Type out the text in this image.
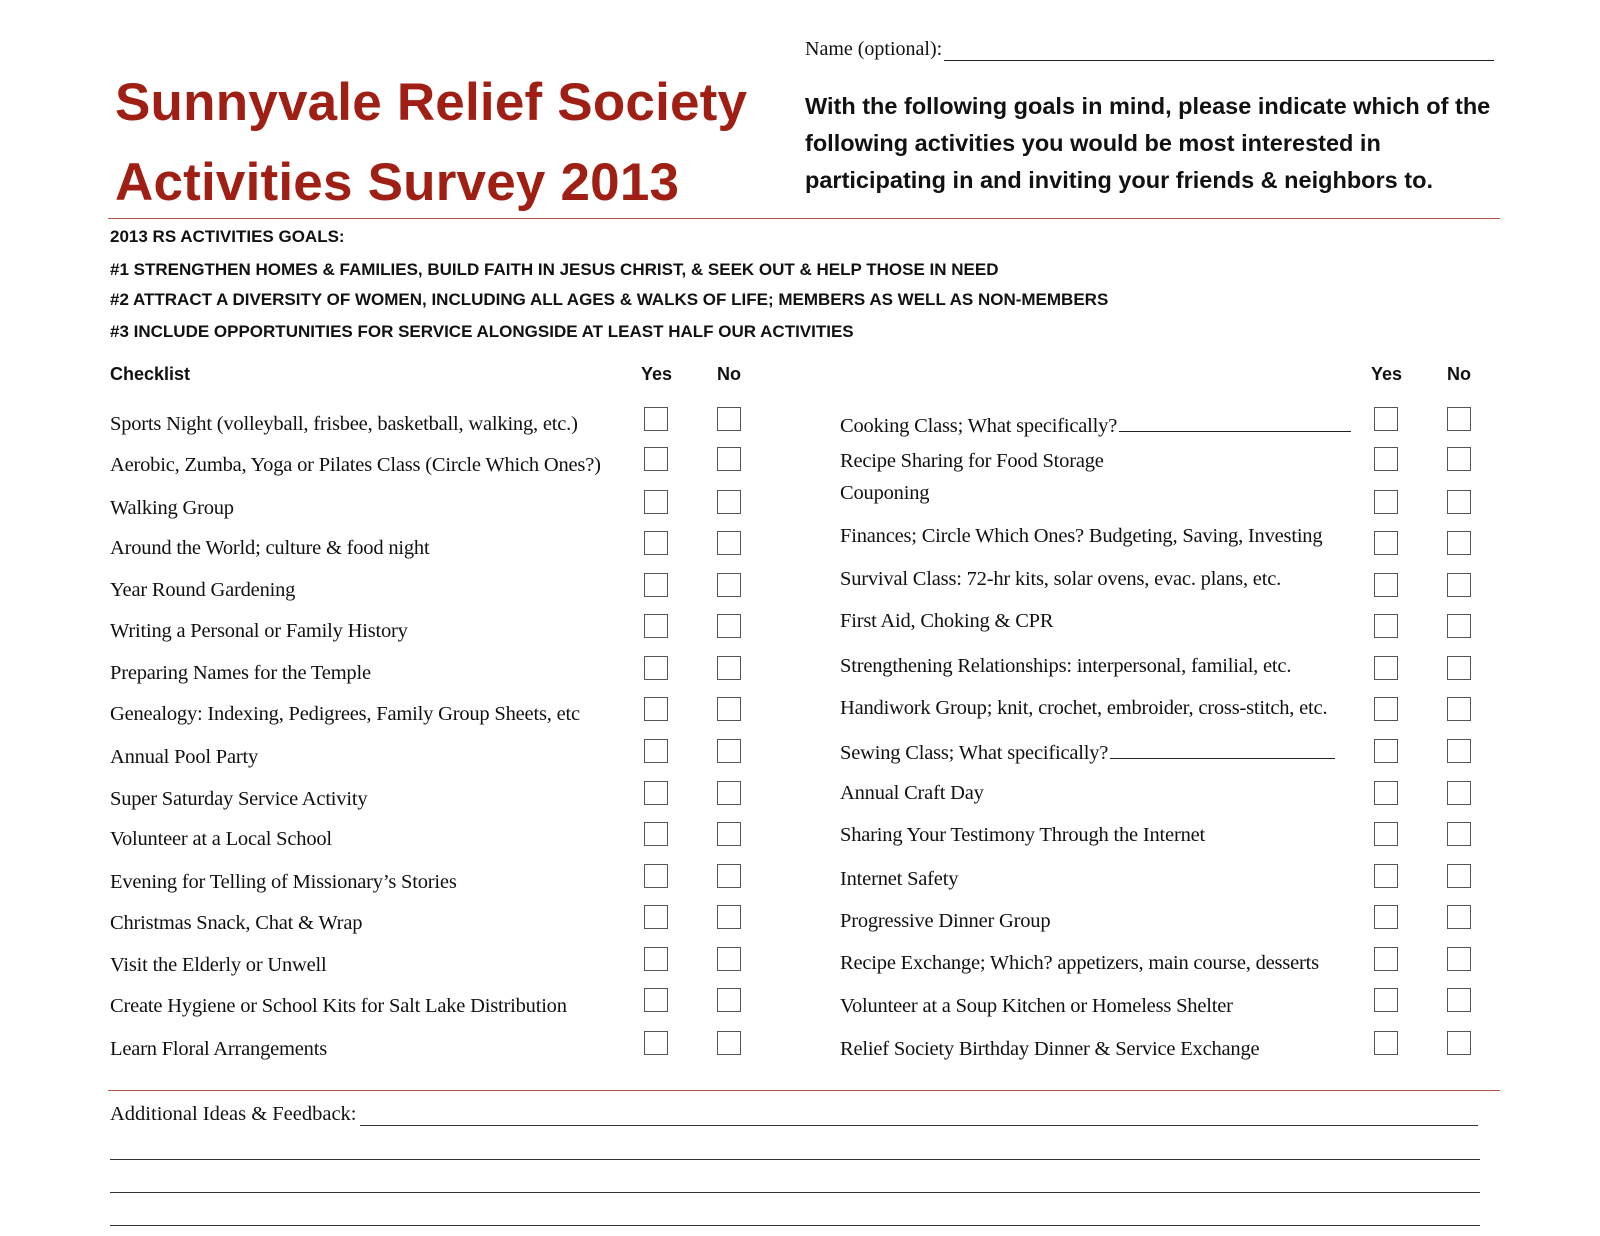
Name (optional):
Sunnyvale Relief Society
Activities Survey 2013
With the following goals in mind, please indicate which of the following activities you would be most interested in participating in and inviting your friends & neighbors to.
2013 RS ACTIVITIES GOALS:
#1 STRENGTHEN HOMES & FAMILIES, BUILD FAITH IN JESUS CHRIST, & SEEK OUT & HELP THOSE IN NEED
#2 ATTRACT A DIVERSITY OF WOMEN, INCLUDING ALL AGES & WALKS OF LIFE; MEMBERS AS WELL AS NON-MEMBERS
#3 INCLUDE OPPORTUNITIES FOR SERVICE ALONGSIDE AT LEAST HALF OUR ACTIVITIES
Checklist	Yes No	Yes No
Sports Night (volleyball, frisbee, basketball, walking, etc.)
Aerobic, Zumba, Yoga or Pilates Class (Circle Which Ones?)
Walking Group
Around the World; culture & food night
Year Round Gardening
Writing a Personal or Family History
Preparing Names for the Temple
Genealogy: Indexing, Pedigrees, Family Group Sheets, etc
Annual Pool Party
Super Saturday Service Activity
Volunteer at a Local School
Evening for Telling of Missionary’s Stories
Christmas Snack, Chat & Wrap
Visit the Elderly or Unwell
Create Hygiene or School Kits for Salt Lake Distribution
Learn Floral Arrangements
Cooking Class; What specifically?
Recipe Sharing for Food Storage
Couponing
Finances; Circle Which Ones? Budgeting, Saving, Investing
Survival Class: 72-hr kits, solar ovens, evac. plans, etc.
First Aid, Choking & CPR
Strengthening Relationships: interpersonal, familial, etc.
Handiwork Group; knit, crochet, embroider, cross-stitch, etc.
Sewing Class; What specifically?
Annual Craft Day
Sharing Your Testimony Through the Internet
Internet Safety
Progressive Dinner Group
Recipe Exchange; Which? appetizers, main course, desserts
Volunteer at a Soup Kitchen or Homeless Shelter
Relief Society Birthday Dinner & Service Exchange
Additional Ideas & Feedback:
